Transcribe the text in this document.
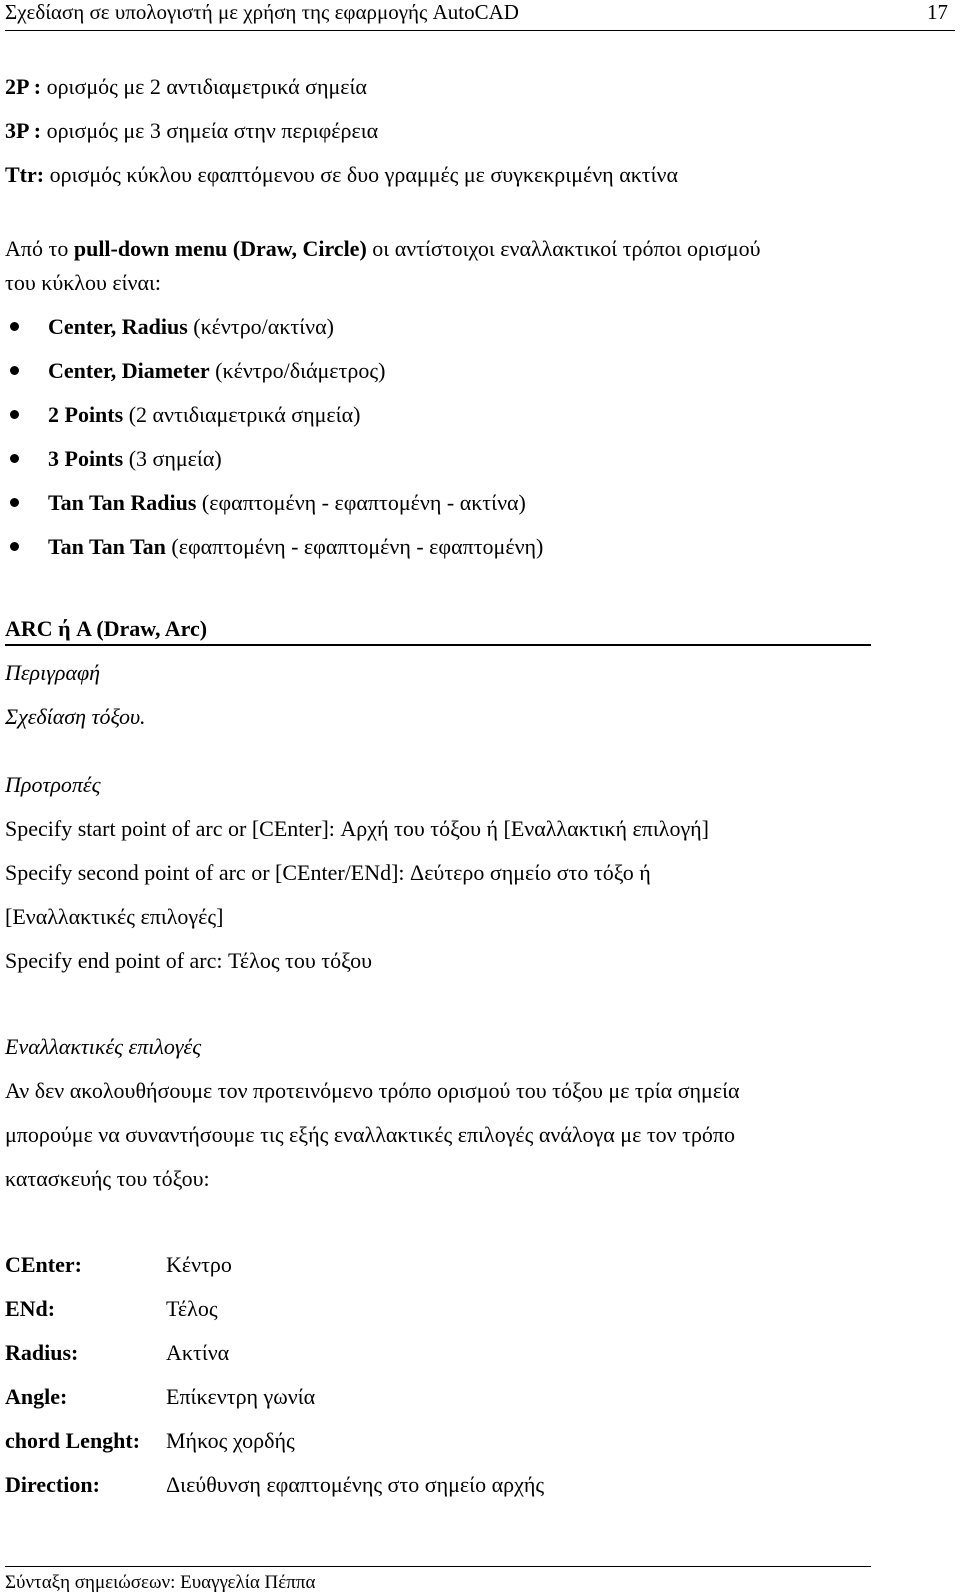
Σχεδίαση σε υπολογιστή με χρήση της εφαρμογής AutoCAD	17
2P : ορισμός με 2 αντιδιαμετρικά σημεία
3P : ορισμός με 3 σημεία στην περιφέρεια
Ttr: ορισμός κύκλου εφαπτόμενου σε δυο γραμμές με συγκεκριμένη ακτίνα
Από το pull-down menu (Draw, Circle) οι αντίστοιχοι εναλλακτικοί τρόποι ορισμού
του κύκλου είναι:
Center, Radius (κέντρο/ακτίνα)
Center, Diameter (κέντρο/διάμετρος)
2 Points (2 αντιδιαμετρικά σημεία)
3 Points (3 σημεία)
Tan Tan Radius (εφαπτομένη - εφαπτομένη - ακτίνα)
Tan Tan Tan (εφαπτομένη - εφαπτομένη - εφαπτομένη)
ARC ή A (Draw, Arc)
Περιγραφή
Σχεδίαση τόξου.
Προτροπές
Specify start point of arc or [CEnter]: Αρχή του τόξου ή [Εναλλακτική επιλογή]
Specify second point of arc or [CEnter/ENd]: Δεύτερο σημείο στο τόξο ή
[Εναλλακτικές επιλογές]
Specify end point of arc: Τέλος του τόξου
Εναλλακτικές επιλογές
Αν δεν ακολουθήσουμε τον προτεινόμενο τρόπο ορισμού του τόξου με τρία σημεία
μπορούμε να συναντήσουμε τις εξής εναλλακτικές επιλογές ανάλογα με τον τρόπο
κατασκευής του τόξου:
CEnter:	Κέντρο
ENd:	Τέλος
Radius:	Ακτίνα
Angle:	Επίκεντρη γωνία
chord Lenght: Μήκος χορδής
Direction:	Διεύθυνση εφαπτομένης στο σημείο αρχής
Σύνταξη σημειώσεων: Ευαγγελία Πέππα
